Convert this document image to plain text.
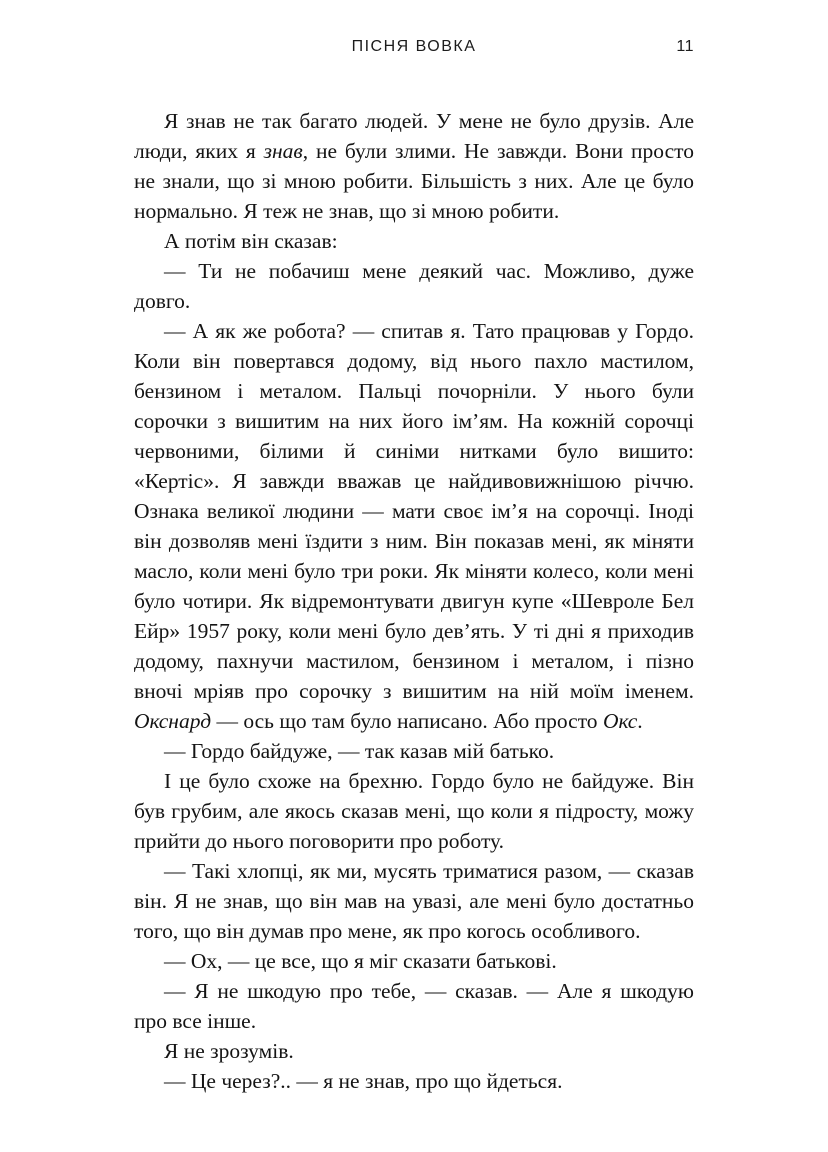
ПІСНЯ ВОВКА	11

Я знав не так багато людей. У мене не було друзів. Але люди, яких я знав, не були злими. Не завжди. Вони просто не знали, що зі мною робити. Більшість з них. Але це було нормально. Я теж не знав, що зі мною робити.

А потім він сказав:

— Ти не побачиш мене деякий час. Можливо, дуже довго.

— А як же робота? — спитав я. Тато працював у Гордо. Коли він повертався додому, від нього пахло мастилом, бензином і металом. Пальці почорніли. У нього були сорочки з вишитим на них його ім’ям. На кожній сорочці червоними, білими й синіми нитками було вишито: «Кертіс». Я завжди вважав це найдивовижнішою річчю. Ознака великої людини — мати своє ім’я на сорочці. Іноді він дозволяв мені їздити з ним. Він показав мені, як міняти масло, коли мені було три роки. Як міняти колесо, коли мені було чотири. Як відремонтувати двигун купе «Шевроле Бел Ейр» 1957 року, коли мені було дев’ять. У ті дні я приходив додому, пахнучи мастилом, бензином і металом, і пізно вночі мріяв про сорочку з вишитим на ній моїм іменем. Окснард — ось що там було написано. Або просто Окс.

— Гордо байдуже, — так казав мій батько.

І це було схоже на брехню. Гордо було не байдуже. Він був грубим, але якось сказав мені, що коли я підросту, можу прийти до нього поговорити про роботу.

— Такі хлопці, як ми, мусять триматися разом, — сказав він. Я не знав, що він мав на увазі, але мені було достатньо того, що він думав про мене, як про когось особливого.

— Ох, — це все, що я міг сказати батькові.

— Я не шкодую про тебе, — сказав. — Але я шкодую про все інше.

Я не зрозумів.

— Це через?.. — я не знав, про що йдеться.
